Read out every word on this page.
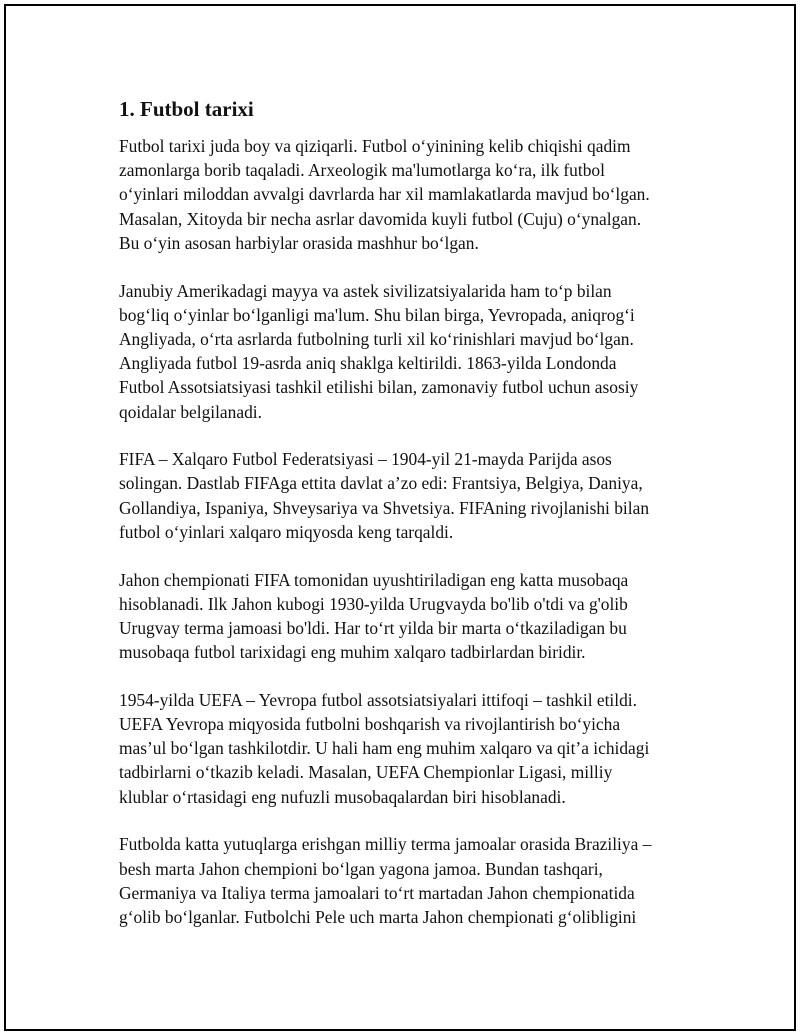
1. Futbol tarixi
Futbol tarixi juda boy va qiziqarli. Futbol o‘yinining kelib chiqishi qadim
zamonlarga borib taqaladi. Arxeologik ma'lumotlarga ko‘ra, ilk futbol
o‘yinlari miloddan avvalgi davrlarda har xil mamlakatlarda mavjud bo‘lgan.
Masalan, Xitoyda bir necha asrlar davomida kuyli futbol (Cuju) o‘ynalgan.
Bu o‘yin asosan harbiylar orasida mashhur bo‘lgan.
Janubiy Amerikadagi mayya va astek sivilizatsiyalarida ham to‘p bilan
bog‘liq o‘yinlar bo‘lganligi ma'lum. Shu bilan birga, Yevropada, aniqrog‘i
Angliyada, o‘rta asrlarda futbolning turli xil ko‘rinishlari mavjud bo‘lgan.
Angliyada futbol 19-asrda aniq shaklga keltirildi. 1863-yilda Londonda
Futbol Assotsiatsiyasi tashkil etilishi bilan, zamonaviy futbol uchun asosiy
qoidalar belgilanadi.
FIFA – Xalqaro Futbol Federatsiyasi – 1904-yil 21-mayda Parijda asos
solingan. Dastlab FIFAga ettita davlat a’zo edi: Frantsiya, Belgiya, Daniya,
Gollandiya, Ispaniya, Shveysariya va Shvetsiya. FIFAning rivojlanishi bilan
futbol o‘yinlari xalqaro miqyosda keng tarqaldi.
Jahon chempionati FIFA tomonidan uyushtiriladigan eng katta musobaqa
hisoblanadi. Ilk Jahon kubogi 1930-yilda Urugvayda bo'lib o'tdi va g'olib
Urugvay terma jamoasi bo'ldi. Har to‘rt yilda bir marta o‘tkaziladigan bu
musobaqa futbol tarixidagi eng muhim xalqaro tadbirlardan biridir.
1954-yilda UEFA – Yevropa futbol assotsiatsiyalari ittifoqi – tashkil etildi.
UEFA Yevropa miqyosida futbolni boshqarish va rivojlantirish bo‘yicha
mas’ul bo‘lgan tashkilotdir. U hali ham eng muhim xalqaro va qit’a ichidagi
tadbirlarni o‘tkazib keladi. Masalan, UEFA Chempionlar Ligasi, milliy
klublar o‘rtasidagi eng nufuzli musobaqalardan biri hisoblanadi.
Futbolda katta yutuqlarga erishgan milliy terma jamoalar orasida Braziliya –
besh marta Jahon chempioni bo‘lgan yagona jamoa. Bundan tashqari,
Germaniya va Italiya terma jamoalari to‘rt martadan Jahon chempionatida
g‘olib bo‘lganlar. Futbolchi Pele uch marta Jahon chempionati g‘olibligini
